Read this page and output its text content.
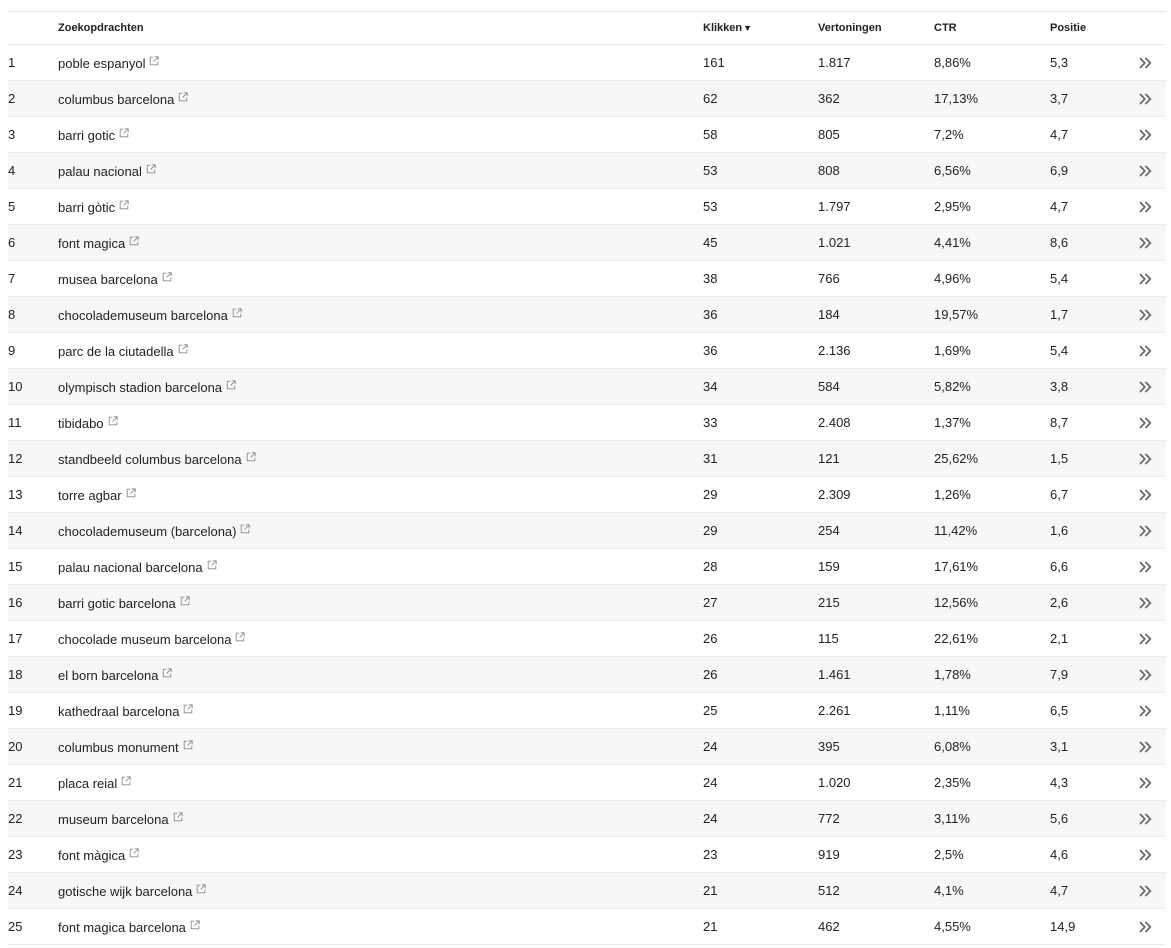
Zoekopdrachten	Klikken ▼	Vertoningen	CTR	Positie
1	poble espanyol	161	1.817	8,86%	5,3
2	columbus barcelona	62	362	17,13%	3,7
3	barri gotic	58	805	7,2%	4,7
4	palau nacional	53	808	6,56%	6,9
5	barri gòtic	53	1.797	2,95%	4,7
6	font magica	45	1.021	4,41%	8,6
7	musea barcelona	38	766	4,96%	5,4
8	chocolademuseum barcelona	36	184	19,57%	1,7
9	parc de la ciutadella	36	2.136	1,69%	5,4
10	olympisch stadion barcelona	34	584	5,82%	3,8
11	tibidabo	33	2.408	1,37%	8,7
12	standbeeld columbus barcelona	31	121	25,62%	1,5
13	torre agbar	29	2.309	1,26%	6,7
14	chocolademuseum (barcelona)	29	254	11,42%	1,6
15	palau nacional barcelona	28	159	17,61%	6,6
16	barri gotic barcelona	27	215	12,56%	2,6
17	chocolade museum barcelona	26	115	22,61%	2,1
18	el born barcelona	26	1.461	1,78%	7,9
19	kathedraal barcelona	25	2.261	1,11%	6,5
20	columbus monument	24	395	6,08%	3,1
21	placa reial	24	1.020	2,35%	4,3
22	museum barcelona	24	772	3,11%	5,6
23	font màgica	23	919	2,5%	4,6
24	gotische wijk barcelona	21	512	4,1%	4,7
25	font magica barcelona	21	462	4,55%	14,9
